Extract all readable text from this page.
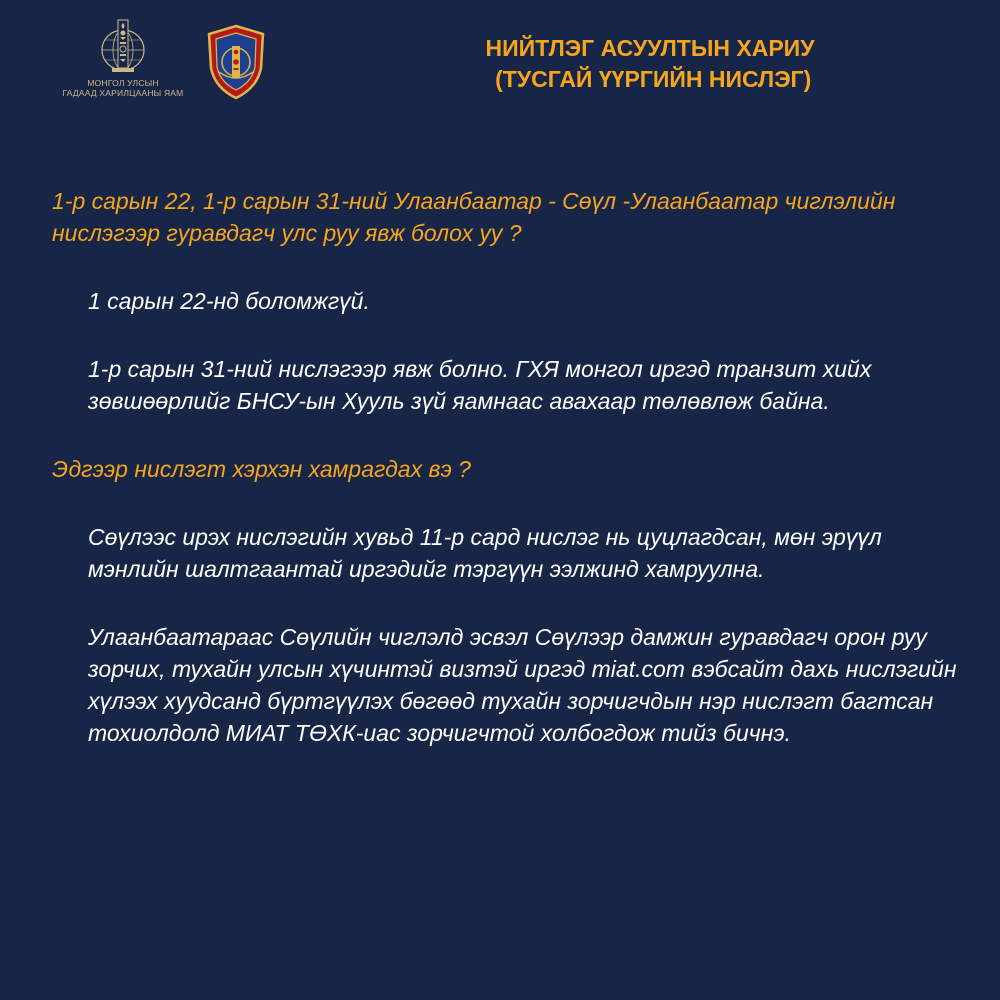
МОНГОЛ УЛСЫН
ГАДААД ХАРИЛЦААНЫ ЯАМ
НИЙТЛЭГ АСУУЛТЫН ХАРИУ
(ТУСГАЙ ҮҮРГИЙН НИСЛЭГ)

1-р сарын 22, 1-р сарын 31-ний Улаанбаатар - Сөүл -Улаанбаатар чиглэлийн нислэгээр гуравдагч улс руу явж болох уу ?

1 сарын 22-нд боломжгүй.

1-р сарын 31-ний нислэгээр явж болно. ГХЯ монгол иргэд транзит хийх зөвшөөрлийг БНСУ-ын Хууль зүй яамнаас авахаар төлөвлөж байна.

Эдгээр нислэгт хэрхэн хамрагдах вэ ?

Сөүлээс ирэх нислэгийн хувьд 11-р сард нислэг нь цуцлагдсан, мөн эрүүл мэнлийн шалтгаантай иргэдийг тэргүүн ээлжинд хамруулна.

Улаанбаатараас Сөүлийн чиглэлд эсвэл Сөүлээр дамжин гуравдагч орон руу зорчих, тухайн улсын хүчинтэй визтэй иргэд miat.com вэбсайт дахь нислэгийн хүлээх хуудсанд бүртгүүлэх бөгөөд тухайн зорчигчдын нэр нислэгт багтсан тохиолдолд МИАТ ТӨХК-иас зорчигчтой холбогдож тийз бичнэ.
